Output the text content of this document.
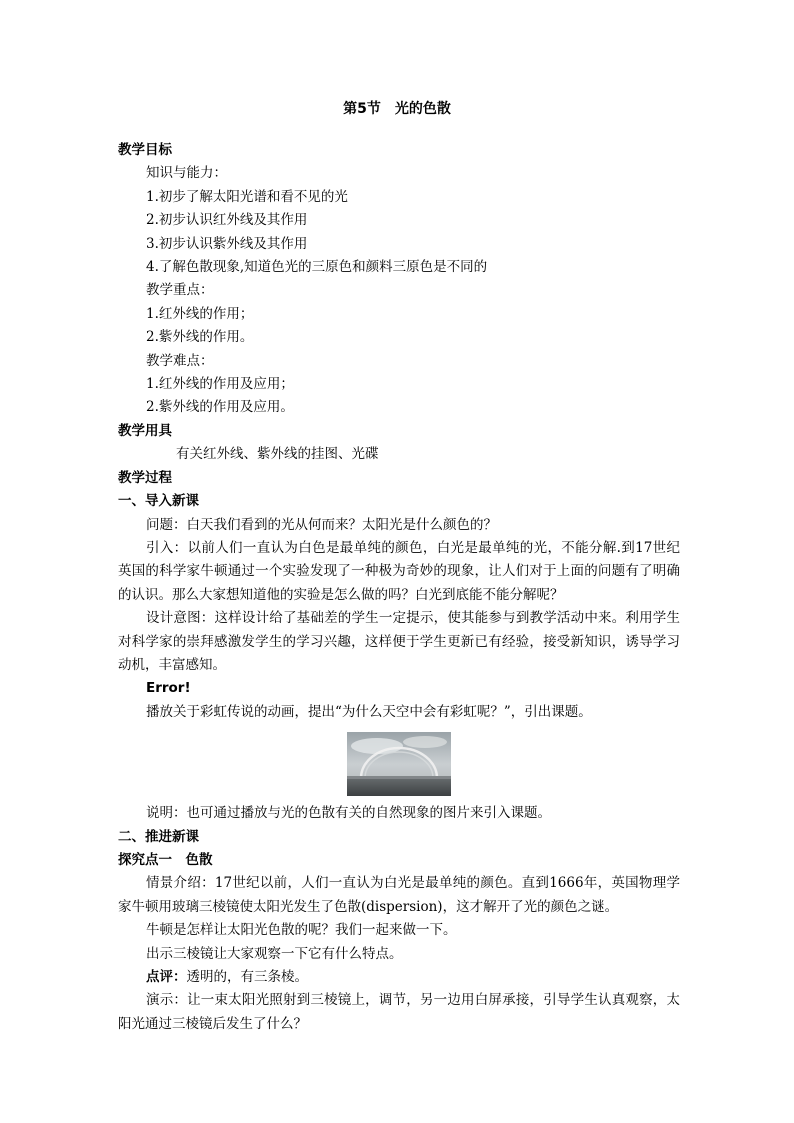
第5节　光的色散

教学目标

知识与能力：

1.初步了解太阳光谱和看不见的光

2.初步认识红外线及其作用

3.初步认识紫外线及其作用

4.了解色散现象,知道色光的三原色和颜料三原色是不同的

教学重点：

1.红外线的作用；

2.紫外线的作用。

教学难点：

1.红外线的作用及应用；

2.紫外线的作用及应用。

教学用具

有关红外线、紫外线的挂图、光碟

教学过程

一、导入新课

问题：白天我们看到的光从何而来？太阳光是什么颜色的？

引入：以前人们一直认为白色是最单纯的颜色，白光是最单纯的光，不能分解.到17世纪英国的科学家牛顿通过一个实验发现了一种极为奇妙的现象，让人们对于上面的问题有了明确的认识。那么大家想知道他的实验是怎么做的吗？白光到底能不能分解呢？

设计意图：这样设计给了基础差的学生一定提示，使其能参与到教学活动中来。利用学生对科学家的崇拜感激发学生的学习兴趣，这样便于学生更新已有经验，接受新知识，诱导学习动机，丰富感知。

Error!

播放关于彩虹传说的动画，提出“为什么天空中会有彩虹呢？”，引出课题。

说明：也可通过播放与光的色散有关的自然现象的图片来引入课题。

二、推进新课

探究点一　色散

情景介绍：17世纪以前，人们一直认为白光是最单纯的颜色。直到1666年，英国物理学家牛顿用玻璃三棱镜使太阳光发生了色散(dispersion)，这才解开了光的颜色之谜。

牛顿是怎样让太阳光色散的呢？我们一起来做一下。

出示三棱镜让大家观察一下它有什么特点。

点评：透明的，有三条棱。

演示：让一束太阳光照射到三棱镜上，调节，另一边用白屏承接，引导学生认真观察，太阳光通过三棱镜后发生了什么？
